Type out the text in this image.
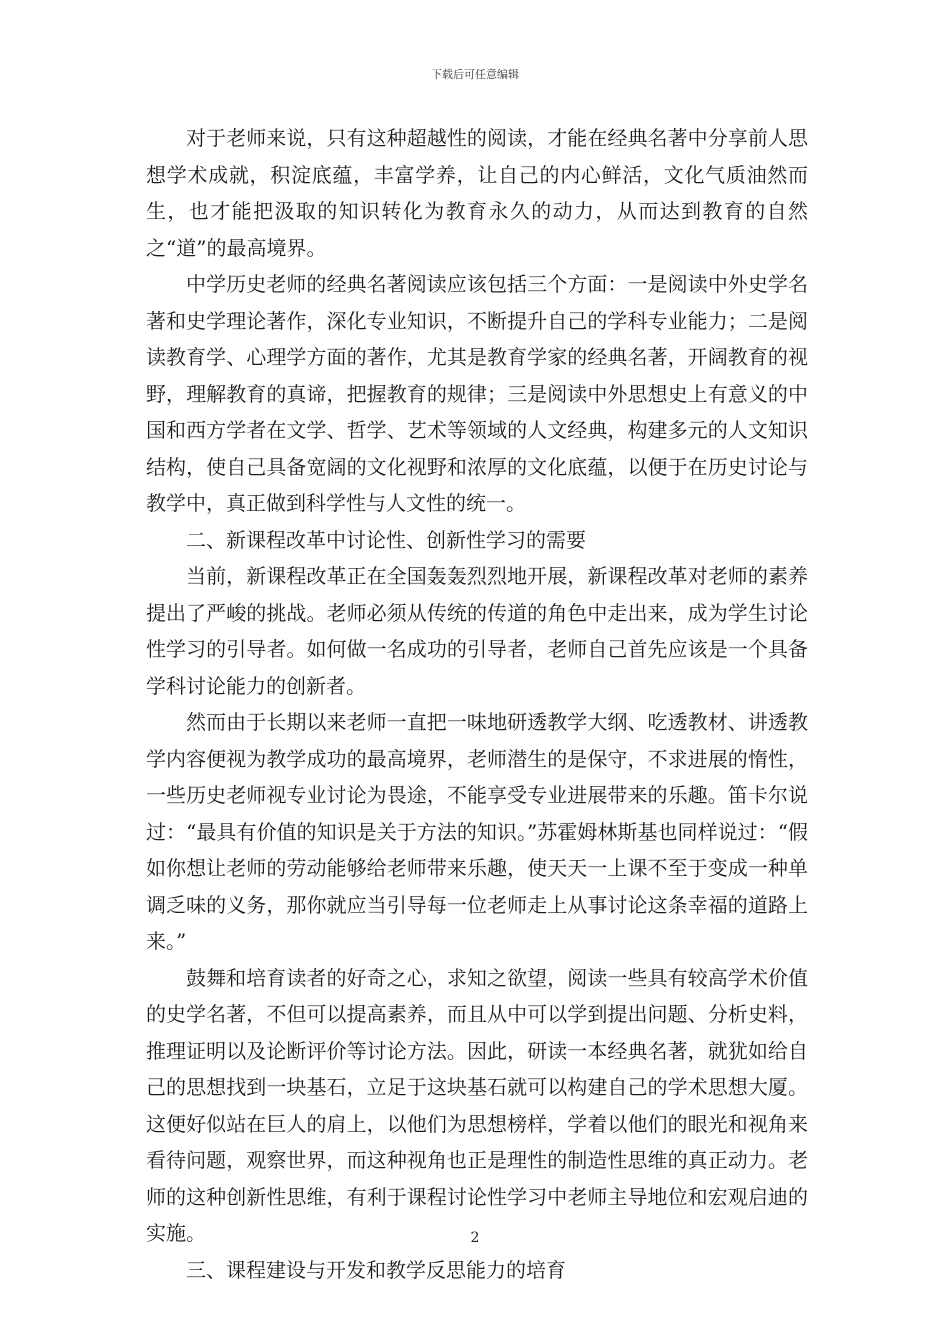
下载后可任意编辑

对于老师来说，只有这种超越性的阅读，才能在经典名著中分享前人思想学术成就，积淀底蕴，丰富学养，让自己的内心鲜活，文化气质油然而生，也才能把汲取的知识转化为教育永久的动力，从而达到教育的自然之“道”的最高境界。

中学历史老师的经典名著阅读应该包括三个方面：一是阅读中外史学名著和史学理论著作，深化专业知识，不断提升自己的学科专业能力；二是阅读教育学、心理学方面的著作，尤其是教育学家的经典名著，开阔教育的视野，理解教育的真谛，把握教育的规律；三是阅读中外思想史上有意义的中国和西方学者在文学、哲学、艺术等领域的人文经典，构建多元的人文知识结构，使自己具备宽阔的文化视野和浓厚的文化底蕴，以便于在历史讨论与教学中，真正做到科学性与人文性的统一。

二、新课程改革中讨论性、创新性学习的需要

当前，新课程改革正在全国轰轰烈烈地开展，新课程改革对老师的素养提出了严峻的挑战。老师必须从传统的传道的角色中走出来，成为学生讨论性学习的引导者。如何做一名成功的引导者，老师自己首先应该是一个具备学科讨论能力的创新者。

然而由于长期以来老师一直把一味地研透教学大纲、吃透教材、讲透教学内容便视为教学成功的最高境界，老师潜生的是保守，不求进展的惰性，一些历史老师视专业讨论为畏途，不能享受专业进展带来的乐趣。笛卡尔说过：“最具有价值的知识是关于方法的知识。”苏霍姆林斯基也同样说过：“假如你想让老师的劳动能够给老师带来乐趣，使天天一上课不至于变成一种单调乏味的义务，那你就应当引导每一位老师走上从事讨论这条幸福的道路上来。”

鼓舞和培育读者的好奇之心，求知之欲望，阅读一些具有较高学术价值的史学名著，不但可以提高素养，而且从中可以学到提出问题、分析史料，推理证明以及论断评价等讨论方法。因此，研读一本经典名著，就犹如给自己的思想找到一块基石，立足于这块基石就可以构建自己的学术思想大厦。这便好似站在巨人的肩上，以他们为思想榜样，学着以他们的眼光和视角来看待问题，观察世界，而这种视角也正是理性的制造性思维的真正动力。老师的这种创新性思维，有利于课程讨论性学习中老师主导地位和宏观启迪的实施。

三、课程建设与开发和教学反思能力的培育

2
